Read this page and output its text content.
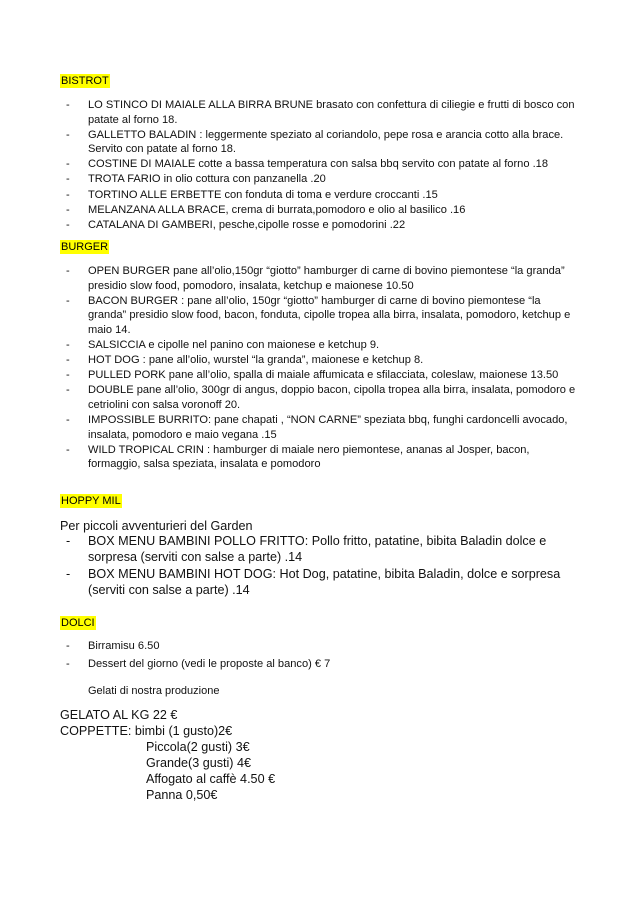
BISTROT
- LO STINCO DI MAIALE ALLA BIRRA BRUNE brasato con confettura di ciliegie e frutti di bosco con patate al forno 18.
- GALLETTO BALADIN : leggermente speziato al coriandolo, pepe rosa e arancia cotto alla brace. Servito con patate al forno 18.
- COSTINE DI MAIALE cotte a bassa temperatura con salsa bbq servito con patate al forno .18
- TROTA FARIO in olio cottura con panzanella .20
- TORTINO ALLE ERBETTE con fonduta di toma e verdure croccanti .15
- MELANZANA ALLA BRACE, crema di burrata,pomodoro e olio al basilico .16
- CATALANA DI GAMBERI, pesche,cipolle rosse e pomodorini .22
BURGER
- OPEN BURGER pane all’olio,150gr “giotto” hamburger di carne di bovino piemontese “la granda” presidio slow food, pomodoro, insalata, ketchup e maionese 10.50
- BACON BURGER : pane all’olio, 150gr “giotto” hamburger di carne di bovino piemontese “la granda” presidio slow food, bacon, fonduta, cipolle tropea alla birra, insalata, pomodoro, ketchup e maio 14.
- SALSICCIA e cipolle nel panino con maionese e ketchup 9.
- HOT DOG : pane all’olio, wurstel “la granda”, maionese e ketchup 8.
- PULLED PORK pane all’olio, spalla di maiale affumicata e sfilacciata, coleslaw, maionese 13.50
- DOUBLE pane all’olio, 300gr di angus, doppio bacon, cipolla tropea alla birra, insalata, pomodoro e cetriolini con salsa voronoff 20.
- IMPOSSIBLE BURRITO: pane chapati , “NON CARNE” speziata bbq, funghi cardoncelli avocado, insalata, pomodoro e maio vegana .15
- WILD TROPICAL CRIN : hamburger di maiale nero piemontese, ananas al Josper, bacon, formaggio, salsa speziata, insalata e pomodoro
HOPPY MIL

Per piccoli avventurieri del Garden

- BOX MENU BAMBINI POLLO FRITTO: Pollo fritto, patatine, bibita Baladin dolce e sorpresa (serviti con salse a parte) .14
- BOX MENU BAMBINI HOT DOG: Hot Dog, patatine, bibita Baladin, dolce e sorpresa (serviti con salse a parte) .14
DOLCI
- Birramisu 6.50
- Dessert del giorno (vedi le proposte al banco) € 7

Gelati di nostra produzione

GELATO AL KG 22 €

COPPETTE: bimbi (1 gusto)2€

Piccola(2 gusti) 3€

Grande(3 gusti) 4€

Affogato al caffè 4.50 €

Panna 0,50€
